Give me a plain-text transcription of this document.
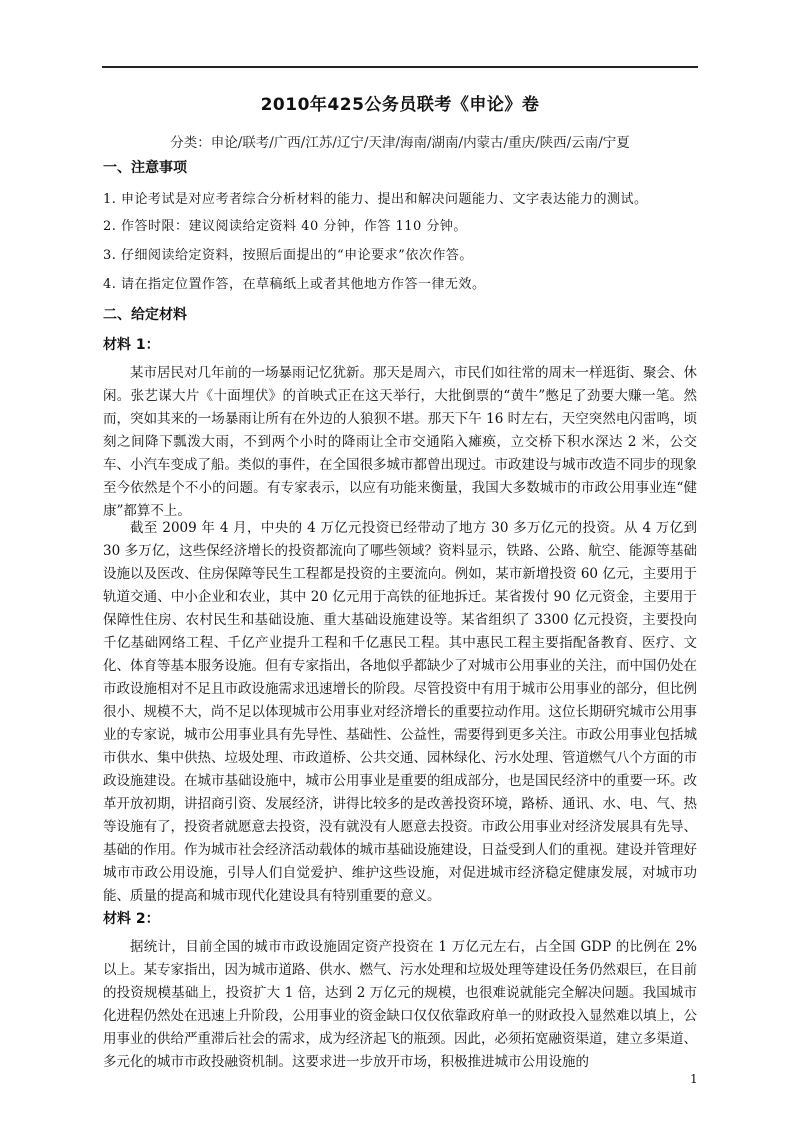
2010年425公务员联考《申论》卷
分类：申论/联考/广西/江苏/辽宁/天津/海南/湖南/内蒙古/重庆/陕西/云南/宁夏
一、注意事项
1. 申论考试是对应考者综合分析材料的能力、提出和解决问题能力、文字表达能力的测试。
2. 作答时限：建议阅读给定资料 40 分钟，作答 110 分钟。
3. 仔细阅读给定资料，按照后面提出的“申论要求”依次作答。
4. 请在指定位置作答，在草稿纸上或者其他地方作答一律无效。
二、给定材料
材料 1：
某市居民对几年前的一场暴雨记忆犹新。那天是周六，市民们如往常的周末一样逛街、聚会、休闲。张艺谋大片《十面埋伏》的首映式正在这天举行，大批倒票的“黄牛”憋足了劲要大赚一笔。然而，突如其来的一场暴雨让所有在外边的人狼狈不堪。那天下午 16 时左右，天空突然电闪雷鸣，顷刻之间降下瓢泼大雨，不到两个小时的降雨让全市交通陷入瘫痪，立交桥下积水深达 2 米，公交车、小汽车变成了船。类似的事件，在全国很多城市都曾出现过。市政建设与城市改造不同步的现象至今依然是个不小的问题。有专家表示，以应有功能来衡量，我国大多数城市的市政公用事业连“健康”都算不上。
截至 2009 年 4 月，中央的 4 万亿元投资已经带动了地方 30 多万亿元的投资。从 4 万亿到 30 多万亿，这些保经济增长的投资都流向了哪些领域？资料显示，铁路、公路、航空、能源等基础设施以及医改、住房保障等民生工程都是投资的主要流向。例如，某市新增投资 60 亿元，主要用于轨道交通、中小企业和农业，其中 20 亿元用于高铁的征地拆迁。某省拨付 90 亿元资金，主要用于保障性住房、农村民生和基础设施、重大基础设施建设等。某省组织了 3300 亿元投资，主要投向千亿基础网络工程、千亿产业提升工程和千亿惠民工程。其中惠民工程主要指配备教育、医疗、文化、体育等基本服务设施。但有专家指出，各地似乎都缺少了对城市公用事业的关注，而中国仍处在市政设施相对不足且市政设施需求迅速增长的阶段。尽管投资中有用于城市公用事业的部分，但比例很小、规模不大，尚不足以体现城市公用事业对经济增长的重要拉动作用。这位长期研究城市公用事业的专家说，城市公用事业具有先导性、基础性、公益性，需要得到更多关注。市政公用事业包括城市供水、集中供热、垃圾处理、市政道桥、公共交通、园林绿化、污水处理、管道燃气八个方面的市政设施建设。在城市基础设施中，城市公用事业是重要的组成部分，也是国民经济中的重要一环。改革开放初期，讲招商引资、发展经济，讲得比较多的是改善投资环境，路桥、通讯、水、电、气、热等设施有了，投资者就愿意去投资，没有就没有人愿意去投资。市政公用事业对经济发展具有先导、基础的作用。作为城市社会经济活动载体的城市基础设施建设，日益受到人们的重视。建设并管理好城市市政公用设施，引导人们自觉爱护、维护这些设施，对促进城市经济稳定健康发展，对城市功能、质量的提高和城市现代化建设具有特别重要的意义。
材料 2：
据统计，目前全国的城市市政设施固定资产投资在 1 万亿元左右，占全国 GDP 的比例在 2%以上。某专家指出，因为城市道路、供水、燃气、污水处理和垃圾处理等建设任务仍然艰巨，在目前的投资规模基础上，投资扩大 1 倍，达到 2 万亿元的规模，也很难说就能完全解决问题。我国城市化进程仍然处在迅速上升阶段，公用事业的资金缺口仅仅依靠政府单一的财政投入显然难以填上，公用事业的供给严重滞后社会的需求，成为经济起飞的瓶颈。因此，必须拓宽融资渠道，建立多渠道、多元化的城市市政投融资机制。这要求进一步放开市场，积极推进城市公用设施的
1
